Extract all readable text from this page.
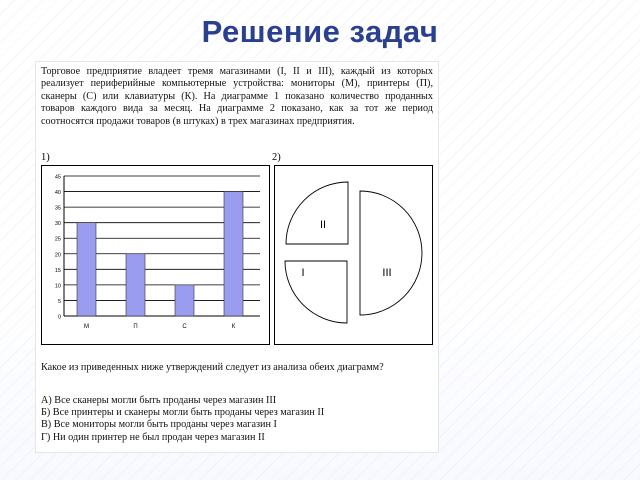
Решение задач
Торговое предприятие владеет тремя магазинами (I, II и III), каждый из которых реализует периферийные компьютерные устройства: мониторы (М), принтеры (П), сканеры (С) или клавиатуры (К). На диаграмме 1 показано количество проданных товаров каждого вида за месяц. На диаграмме 2 показано, как за тот же период соотносятся продажи товаров (в штуках) в трех магазинах предприятия.
1)	2)
0
5
10
15
20
25
30
35
40
45
М	П	С	К
III
I
II
Какое из приведенных ниже утверждений следует из анализа обеих диаграмм?
А) Все сканеры могли быть проданы через магазин III
Б) Все принтеры и сканеры могли быть проданы через магазин II
В) Все мониторы могли быть проданы через магазин I
Г) Ни один принтер не был продан через магазин II
